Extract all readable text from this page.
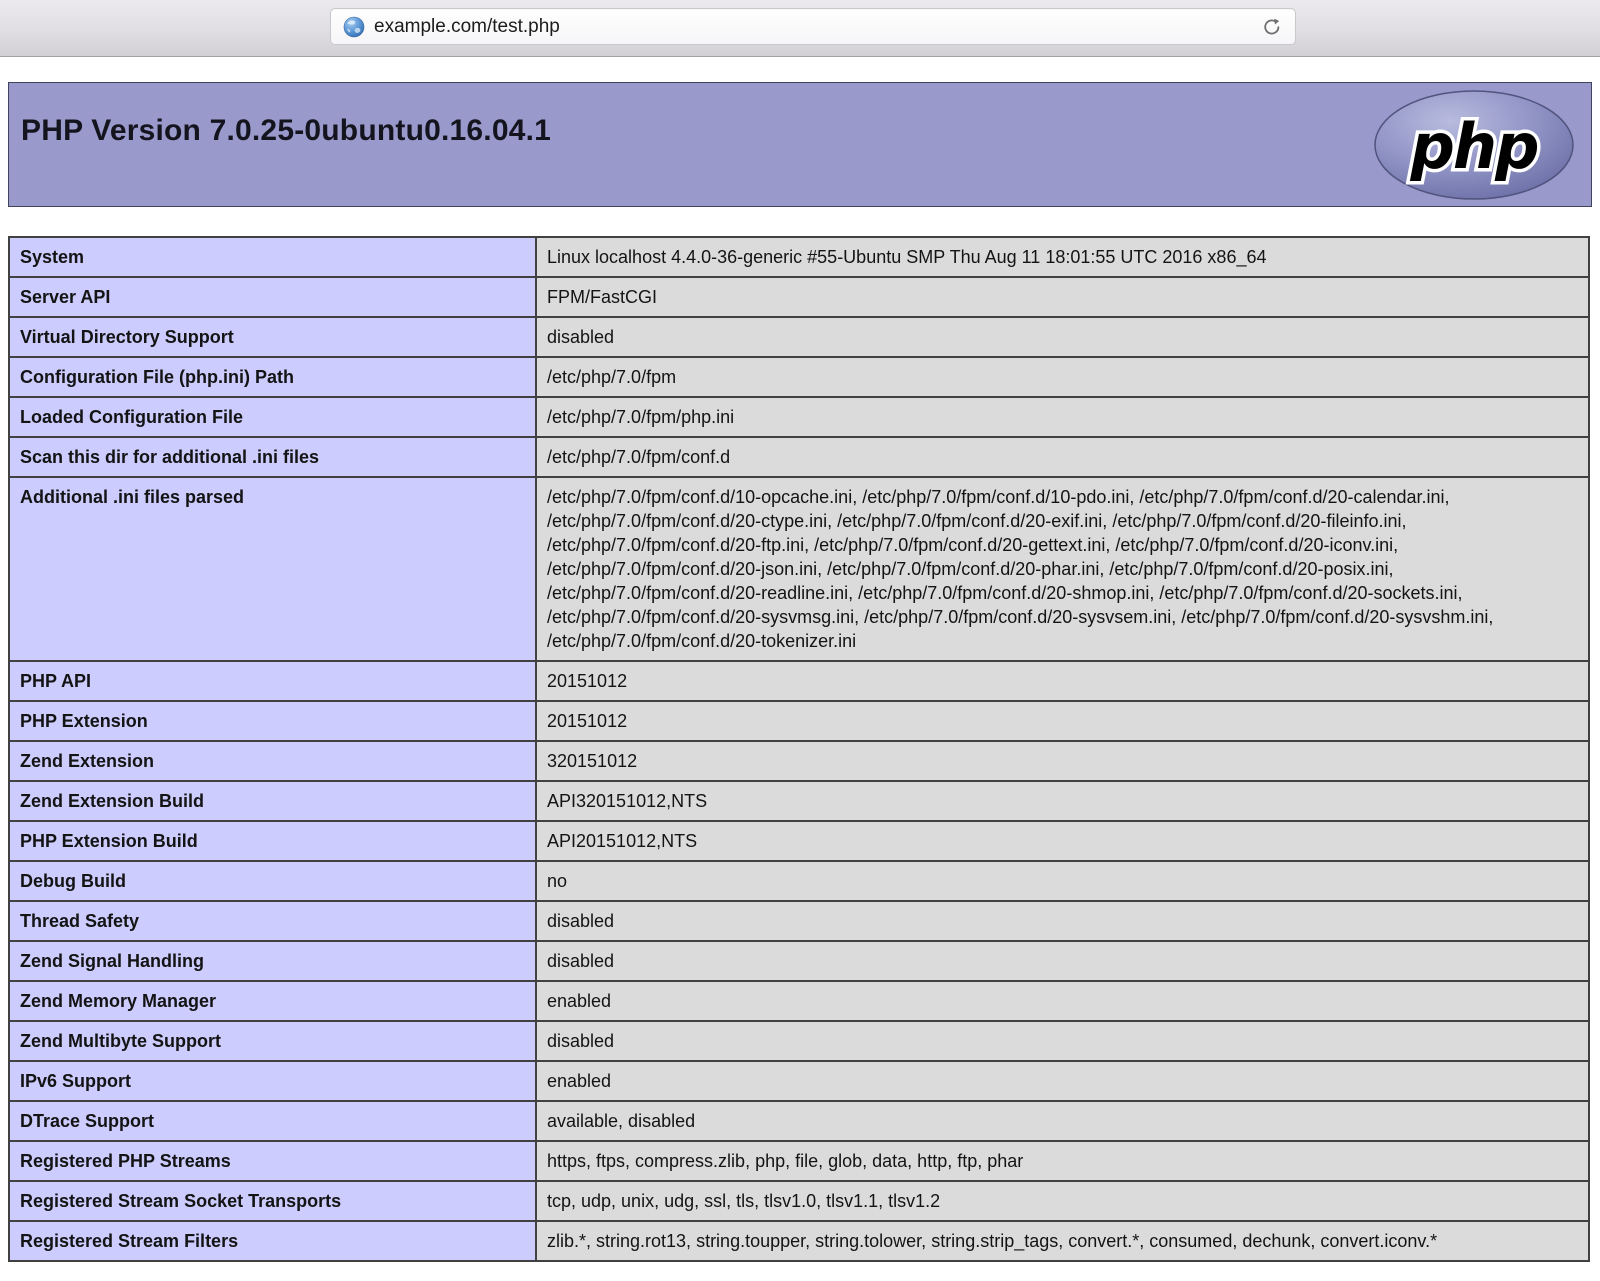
example.com/test.php
PHP Version 7.0.25-0ubuntu0.16.04.1	php
System	Linux localhost 4.4.0-36-generic #55-Ubuntu SMP Thu Aug 11 18:01:55 UTC 2016 x86_64
Server API	FPM/FastCGI
Virtual Directory Support	disabled
Configuration File (php.ini) Path	/etc/php/7.0/fpm
Loaded Configuration File	/etc/php/7.0/fpm/php.ini
Scan this dir for additional .ini files	/etc/php/7.0/fpm/conf.d
Additional .ini files parsed	/etc/php/7.0/fpm/conf.d/10-opcache.ini, /etc/php/7.0/fpm/conf.d/10-pdo.ini, /etc/php/7.0/fpm/conf.d/20-calendar.ini, /etc/php/7.0/fpm/conf.d/20-ctype.ini, /etc/php/7.0/fpm/conf.d/20-exif.ini, /etc/php/7.0/fpm/conf.d/20-fileinfo.ini, /etc/php/7.0/fpm/conf.d/20-ftp.ini, /etc/php/7.0/fpm/conf.d/20-gettext.ini, /etc/php/7.0/fpm/conf.d/20-iconv.ini, /etc/php/7.0/fpm/conf.d/20-json.ini, /etc/php/7.0/fpm/conf.d/20-phar.ini, /etc/php/7.0/fpm/conf.d/20-posix.ini, /etc/php/7.0/fpm/conf.d/20-readline.ini, /etc/php/7.0/fpm/conf.d/20-shmop.ini, /etc/php/7.0/fpm/conf.d/20-sockets.ini, /etc/php/7.0/fpm/conf.d/20-sysvmsg.ini, /etc/php/7.0/fpm/conf.d/20-sysvsem.ini, /etc/php/7.0/fpm/conf.d/20-sysvshm.ini, /etc/php/7.0/fpm/conf.d/20-tokenizer.ini
PHP API	20151012
PHP Extension	20151012
Zend Extension	320151012
Zend Extension Build	API320151012,NTS
PHP Extension Build	API20151012,NTS
Debug Build	no
Thread Safety	disabled
Zend Signal Handling	disabled
Zend Memory Manager	enabled
Zend Multibyte Support	disabled
IPv6 Support	enabled
DTrace Support	available, disabled
Registered PHP Streams	https, ftps, compress.zlib, php, file, glob, data, http, ftp, phar
Registered Stream Socket Transports	tcp, udp, unix, udg, ssl, tls, tlsv1.0, tlsv1.1, tlsv1.2
Registered Stream Filters	zlib.*, string.rot13, string.toupper, string.tolower, string.strip_tags, convert.*, consumed, dechunk, convert.iconv.*
